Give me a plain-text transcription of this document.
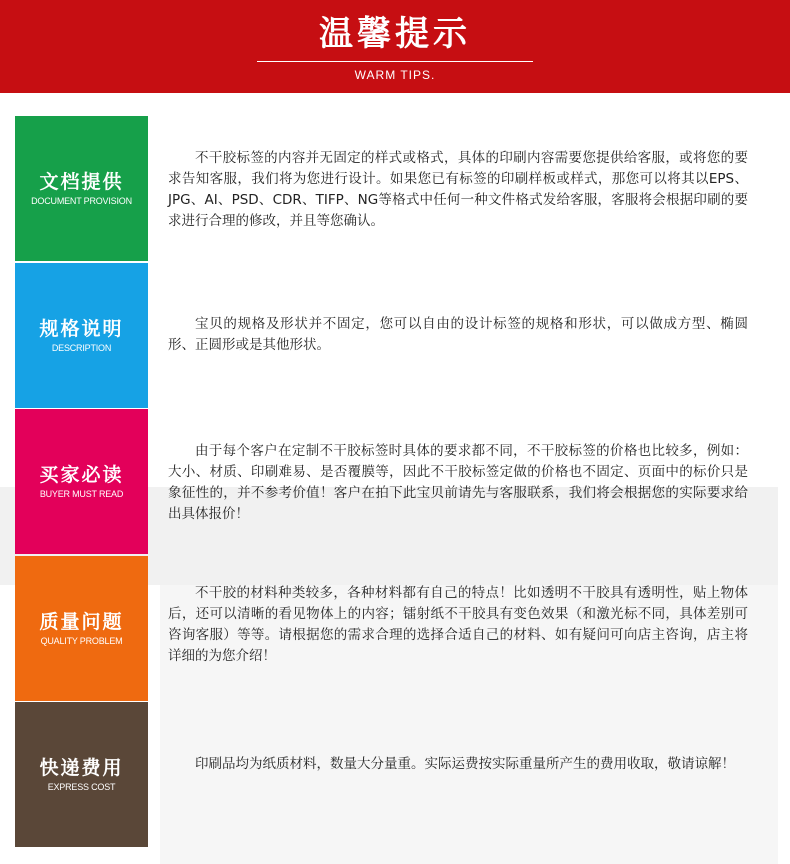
温馨提示
WARM TIPS.
文档提供
DOCUMENT PROVISION
不干胶标签的内容并无固定的样式或格式，具体的印刷内容需要您提供给客服，或将您的要求告知客服，我们将为您进行设计。如果您已有标签的印刷样板或样式，那您可以将其以EPS、JPG、AI、PSD、CDR、TIFP、NG等格式中任何一种文件格式发给客服，客服将会根据印刷的要求进行合理的修改，并且等您确认。
规格说明
DESCRIPTION
宝贝的规格及形状并不固定，您可以自由的设计标签的规格和形状，可以做成方型、椭圆形、正圆形或是其他形状。
买家必读
BUYER MUST READ
由于每个客户在定制不干胶标签时具体的要求都不同，不干胶标签的价格也比较多，例如：大小、材质、印刷难易、是否覆膜等，因此不干胶标签定做的价格也不固定、页面中的标价只是象征性的，并不参考价值！客户在拍下此宝贝前请先与客服联系，我们将会根据您的实际要求给出具体报价！
质量问题
QUALITY PROBLEM
不干胶的材料种类较多，各种材料都有自己的特点！比如透明不干胶具有透明性，贴上物体后，还可以清晰的看见物体上的内容；镭射纸不干胶具有变色效果（和激光标不同，具体差别可咨询客服）等等。请根据您的需求合理的选择合适自己的材料、如有疑问可向店主咨询，店主将详细的为您介绍！
快递费用
EXPRESS COST
印刷品均为纸质材料，数量大分量重。实际运费按实际重量所产生的费用收取，敬请谅解！
